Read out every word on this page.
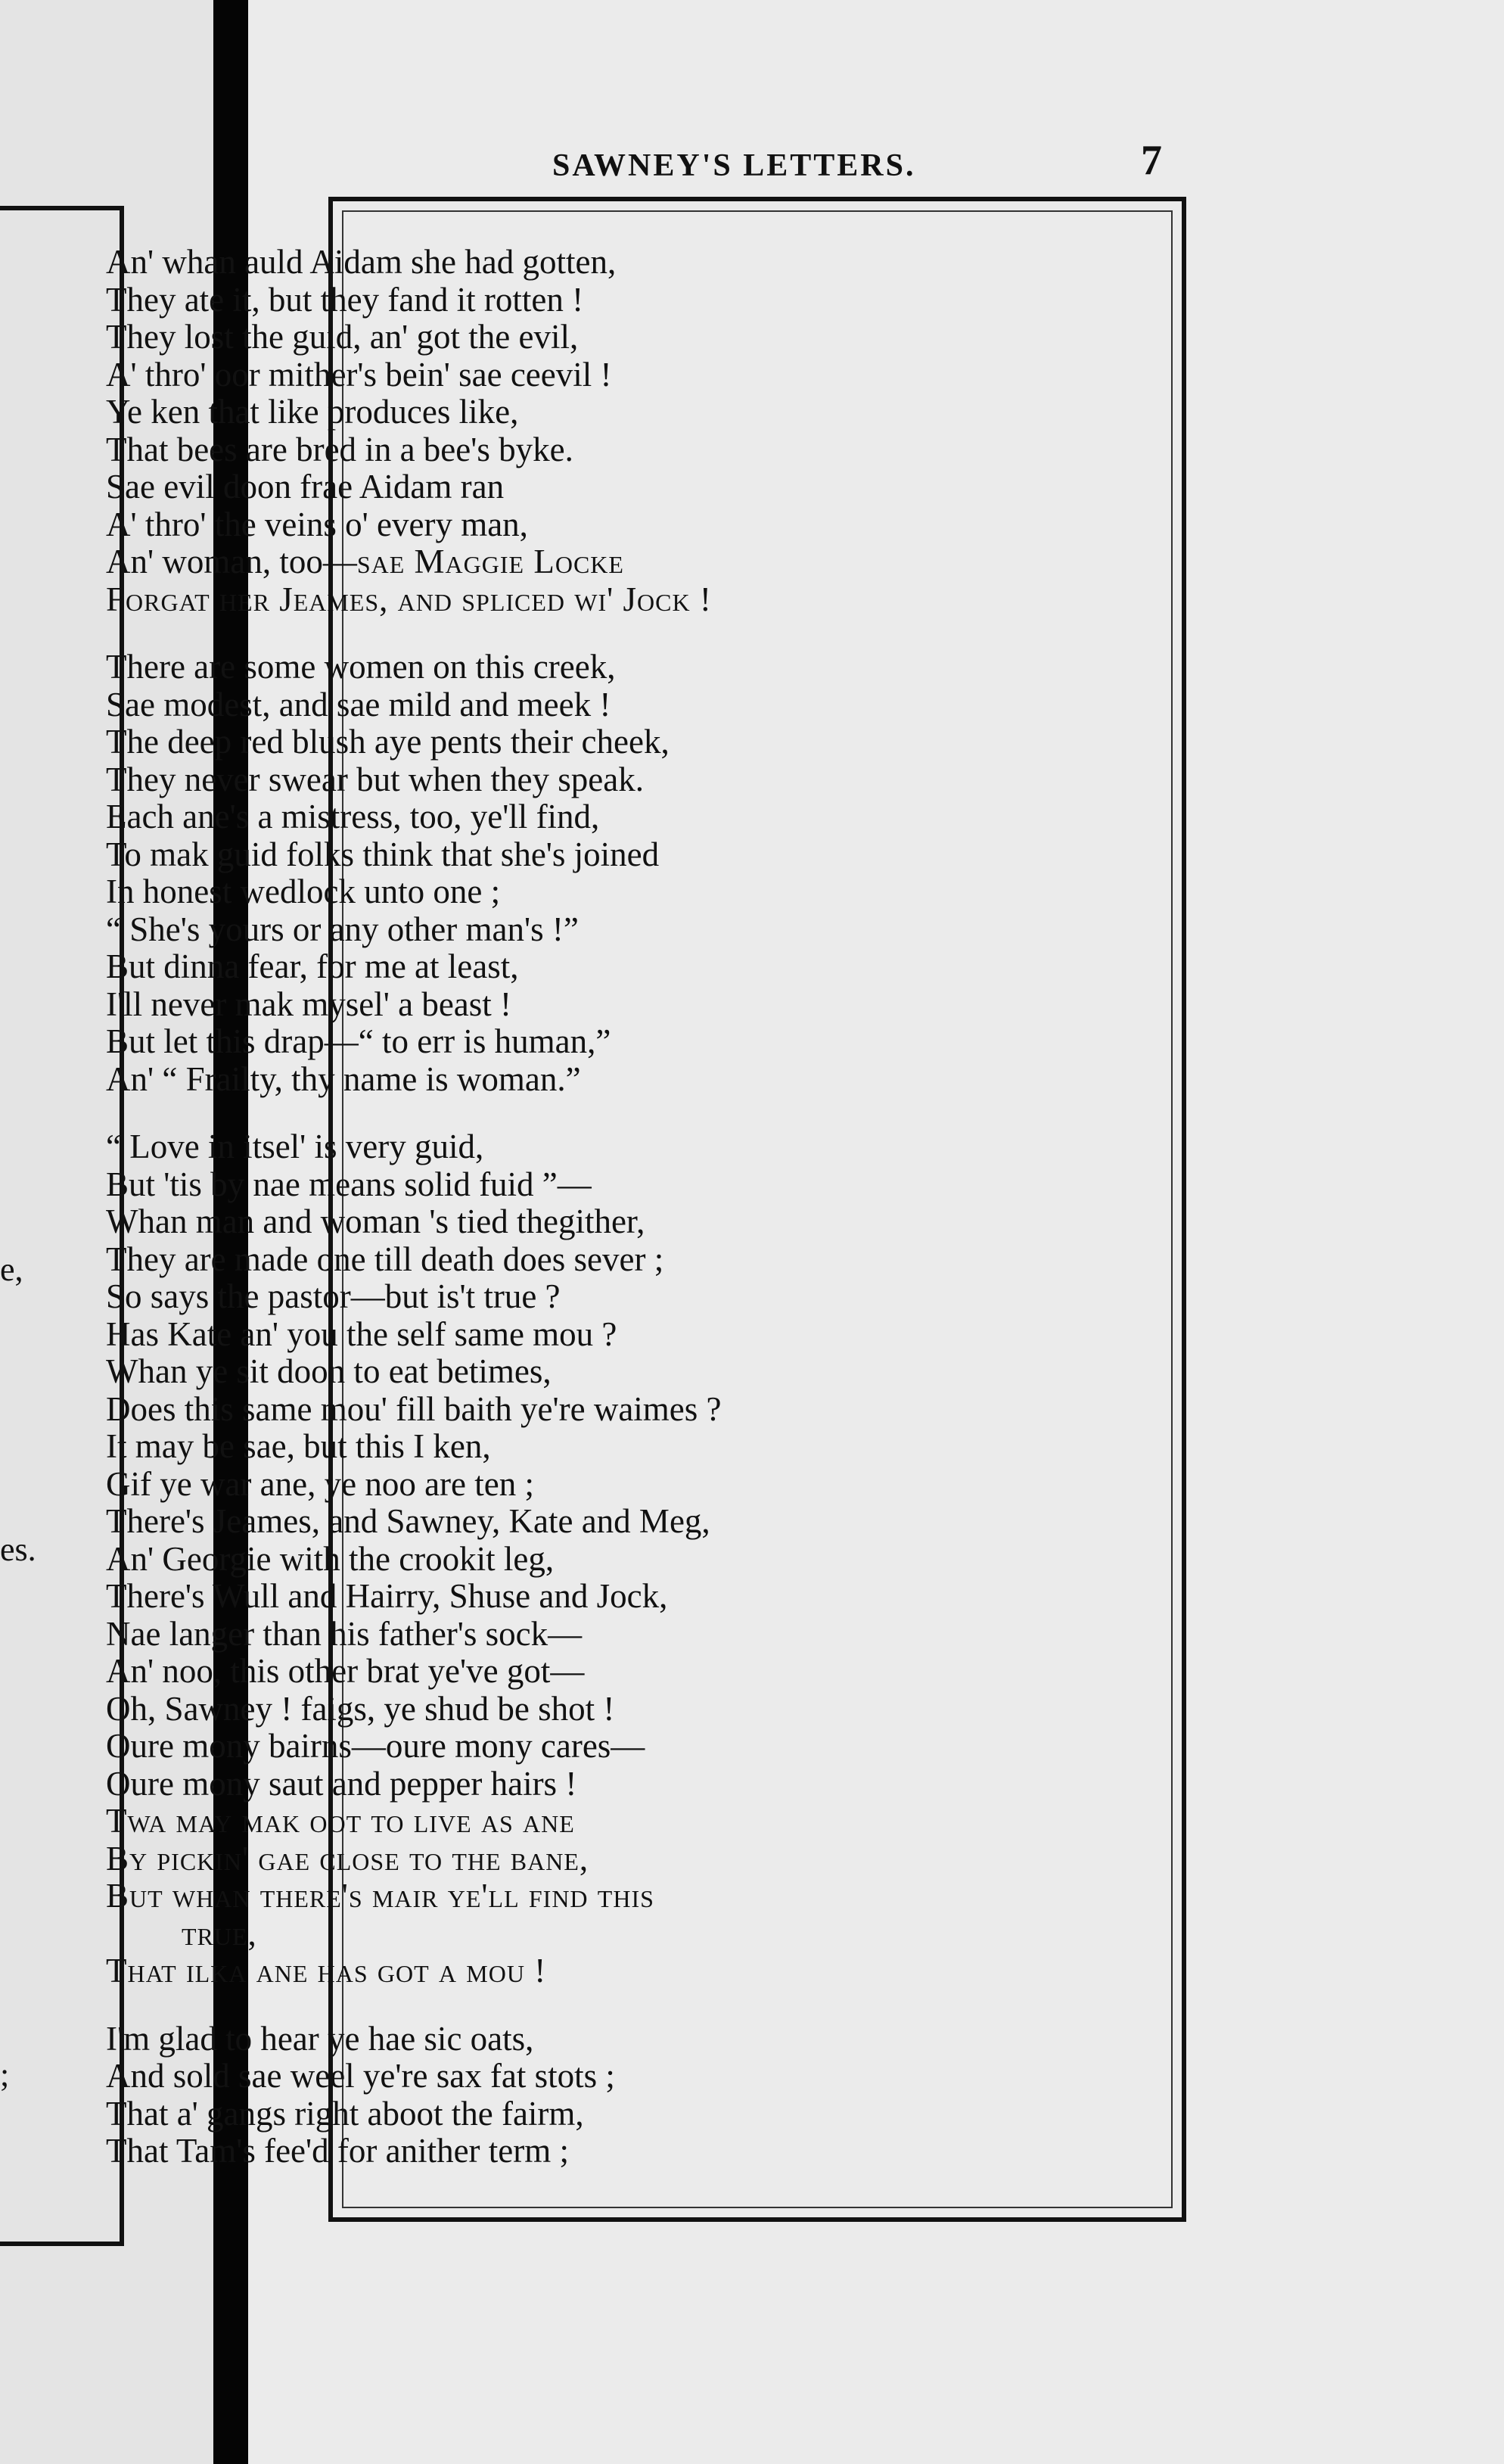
e,
es.
;
SAWNEY'S LETTERS.	7
An' whan auld Aidam she had gotten,
They ate it, but they fand it rotten !
They lost the guid, an' got the evil,
A' thro' oor mither's bein' sae ceevil !
Ye ken that like produces like,
That bees are bred in a bee's byke.
Sae evil doon frae Aidam ran
A' thro' the veins o' every man,
An' woman, too—sae Maggie Locke
Forgat her Jeames, and spliced wi' Jock !
There are some women on this creek,
Sae modest, and sae mild and meek !
The deep red blush aye pents their cheek,
They never swear but when they speak.
Each ane's a mistress, too, ye'll find,
To mak guid folks think that she's joined
In honest wedlock unto one ;
“ She's yours or any other man's !”
But dinna fear, for me at least,
I'll never mak mysel' a beast !
But let this drap—“ to err is human,”
An' “ Frailty, thy name is woman.”
“ Love in itsel' is very guid,
But 'tis by nae means solid fuid ”—
Whan man and woman 's tied thegither,
They are made one till death does sever ;
So says the pastor—but is't true ?
Has Kate an' you the self same mou ?
Whan ye sit doon to eat betimes,
Does this same mou' fill baith ye're waimes ?
It may be sae, but this I ken,
Gif ye war ane, ye noo are ten ;
There's Jeames, and Sawney, Kate and Meg,
An' Georgie with the crookit leg,
There's Wull and Hairry, Shuse and Jock,
Nae langer than his father's sock—
An' noo, this other brat ye've got—
Oh, Sawney ! faigs, ye shud be shot !
Oure mony bairns—oure mony cares—
Oure mony saut and pepper hairs !
Twa may mak oot to live as ane
By pickin' gae close to the bane,
But whan there's mair ye'll find this
true,
That ilka ane has got a mou !
I'm glad to hear ye hae sic oats,
And sold sae weel ye're sax fat stots ;
That a' gangs right aboot the fairm,
That Tam's fee'd for anither term ;
